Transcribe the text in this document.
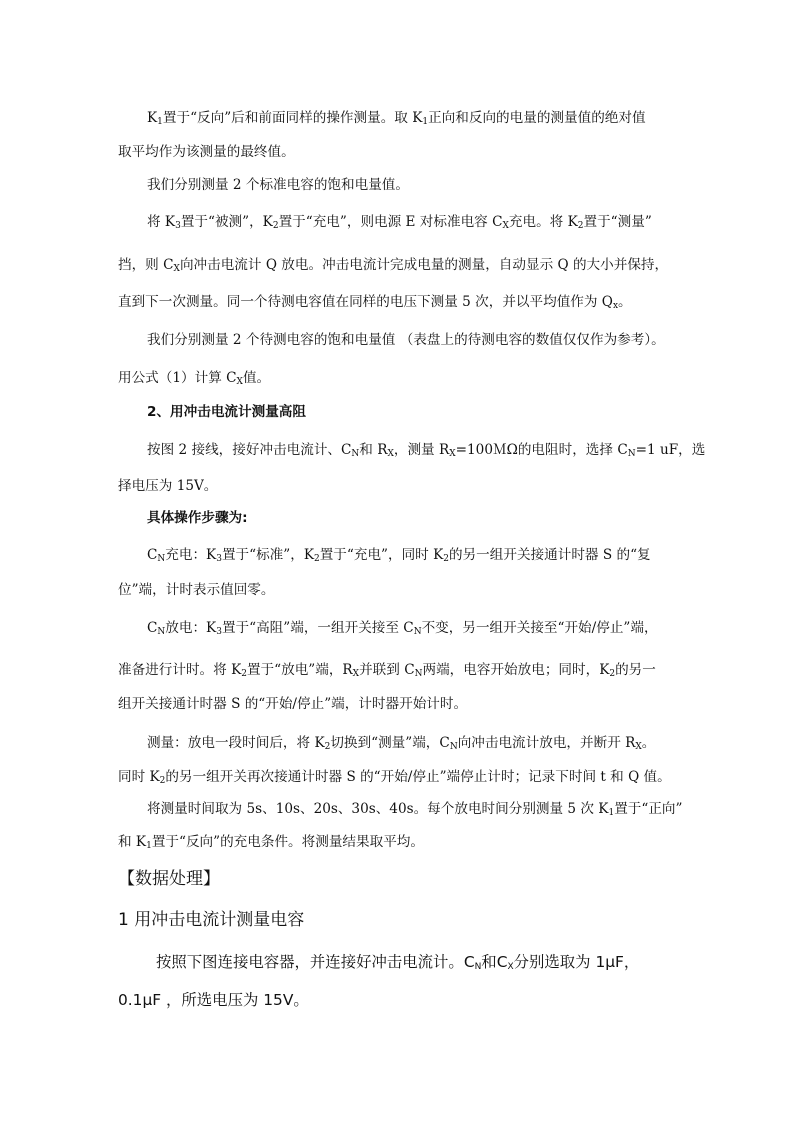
$K_1$置于“反向”后和前面同样的操作测量。取 $K_1$正向和反向的电量的测量值的绝对值
取平均作为该测量的最终值。
我们分别测量 2 个标准电容的饱和电量值。
将 $K_3$置于“被测”，$K_2$置于“充电”，则电源 E 对标准电容 $C_X$充电。将 $K_2$置于“测量”
挡，则 $C_X$向冲击电流计 Q 放电。冲击电流计完成电量的测量，自动显示 Q 的大小并保持，
直到下一次测量。同一个待测电容值在同样的电压下测量 5 次，并以平均值作为 $Q_x$。
我们分别测量 2 个待测电容的饱和电量值 （表盘上的待测电容的数值仅仅作为参考）。
用公式（1）计算 $C_X$值。
2、用冲击电流计测量高阻
按图 2 接线，接好冲击电流计、$C_N$和 $R_X$，测量 $R_X=100M\Omega$的电阻时，选择 $C_N=1$ uF，选
择电压为 15V。
具体操作步骤为:
$C_N$充电：$K_3$置于“标准”，$K_2$置于“充电”，同时 $K_2$的另一组开关接通计时器 S 的“复
位”端，计时表示值回零。
$C_N$放电：$K_3$置于“高阻”端，一组开关接至 $C_N$不变，另一组开关接至“开始/停止”端，
准备进行计时。将 $K_2$置于“放电”端，$R_X$并联到 $C_N$两端，电容开始放电；同时，$K_2$的另一
组开关接通计时器 S 的“开始/停止”端，计时器开始计时。
测量：放电一段时间后，将 $K_2$切换到“测量”端，$C_N$向冲击电流计放电，并断开 $R_X$。
同时 $K_2$的另一组开关再次接通计时器 S 的“开始/停止”端停止计时；记录下时间 t 和 Q 值。
将测量时间取为 5s、10s、20s、30s、40s。每个放电时间分别测量 5 次 $K_1$置于“正向”
和 $K_1$置于“反向”的充电条件。将测量结果取平均。
【数据处理】
1 用冲击电流计测量电容
按照下图连接电容器，并连接好冲击电流计。$C_N$和$C_X$分别选取为 1μF，
0.1μF ，所选电压为 15V。
